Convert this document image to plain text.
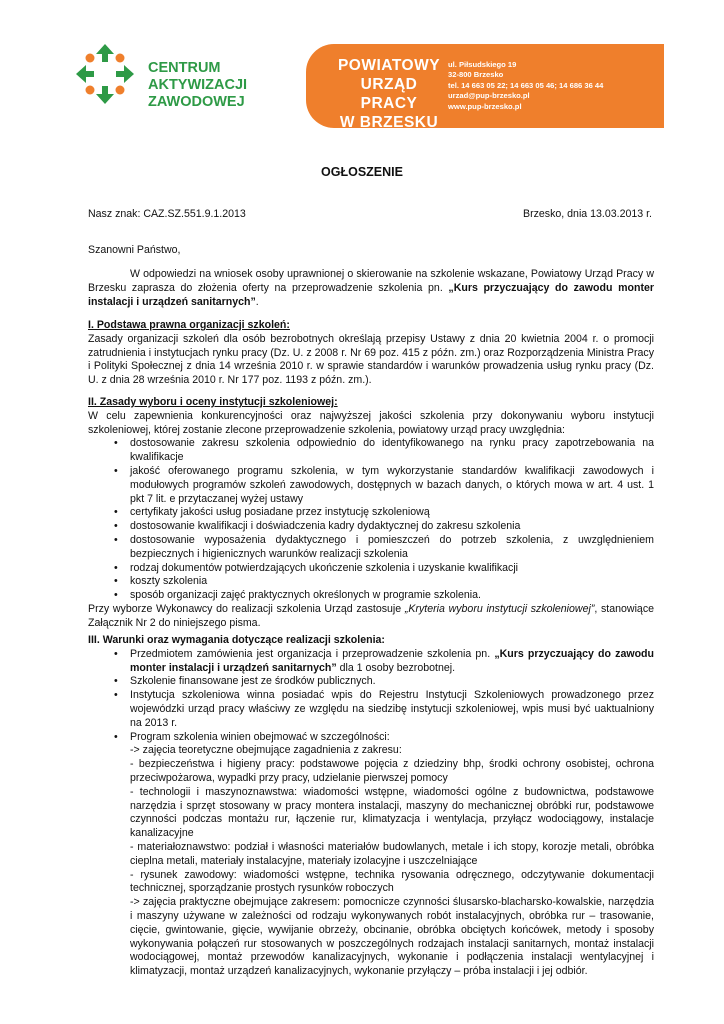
CENTRUM
AKTYWIZACJI
ZAWODOWEJ
POWIATOWY
URZĄD PRACY
W BRZESKU
ul. Piłsudskiego 19
32-800 Brzesko
tel. 14 663 05 22; 14 663 05 46; 14 686 36 44
urzad@pup-brzesko.pl
www.pup-brzesko.pl
OGŁOSZENIE
Nasz znak: CAZ.SZ.551.9.1.2013	Brzesko, dnia 13.03.2013 r.
Szanowni Państwo,

W odpowiedzi na wniosek osoby uprawnionej o skierowanie na szkolenie wskazane, Powiatowy Urząd Pracy w Brzesku zaprasza do złożenia oferty na przeprowadzenie szkolenia pn. „Kurs przyczuający do zawodu monter instalacji i urządzeń sanitarnych”.

I. Podstawa prawna organizacji szkoleń:

Zasady organizacji szkoleń dla osób bezrobotnych określają przepisy Ustawy z dnia 20 kwietnia 2004 r. o promocji zatrudnienia i instytucjach rynku pracy (Dz. U. z 2008 r. Nr 69 poz. 415 z późn. zm.) oraz Rozporządzenia Ministra Pracy i Polityki Społecznej z dnia 14 września 2010 r. w sprawie standardów i warunków prowadzenia usług rynku pracy (Dz. U. z dnia 28 września 2010 r. Nr 177 poz. 1193 z późn. zm.).

II. Zasady wyboru i oceny instytucji szkoleniowej:

W celu zapewnienia konkurencyjności oraz najwyższej jakości szkolenia przy dokonywaniu wyboru instytucji szkoleniowej, której zostanie zlecone przeprowadzenie szkolenia, powiatowy urząd pracy uwzględnia:

• dostosowanie zakresu szkolenia odpowiednio do identyfikowanego na rynku pracy zapotrzebowania na kwalifikacje
• jakość oferowanego programu szkolenia, w tym wykorzystanie standardów kwalifikacji zawodowych i modułowych programów szkoleń zawodowych, dostępnych w bazach danych, o których mowa w art. 4 ust. 1 pkt 7 lit. e przytaczanej wyżej ustawy
• certyfikaty jakości usług posiadane przez instytucję szkoleniową
• dostosowanie kwalifikacji i doświadczenia kadry dydaktycznej do zakresu szkolenia
• dostosowanie wyposażenia dydaktycznego i pomieszczeń do potrzeb szkolenia, z uwzględnieniem bezpiecznych i higienicznych warunków realizacji szkolenia
• rodzaj dokumentów potwierdzających ukończenie szkolenia i uzyskanie kwalifikacji
• koszty szkolenia
• sposób organizacji zajęć praktycznych określonych w programie szkolenia.

Przy wyborze Wykonawcy do realizacji szkolenia Urząd zastosuje „Kryteria wyboru instytucji szkoleniowej”, stanowiące Załącznik Nr 2 do niniejszego pisma.

III. Warunki oraz wymagania dotyczące realizacji szkolenia:
• Przedmiotem zamówienia jest organizacja i przeprowadzenie szkolenia pn. „Kurs przyczuający do zawodu monter instalacji i urządzeń sanitarnych” dla 1 osoby bezrobotnej.
• Szkolenie finansowane jest ze środków publicznych.
• Instytucja szkoleniowa winna posiadać wpis do Rejestru Instytucji Szkoleniowych prowadzonego przez wojewódzki urząd pracy właściwy ze względu na siedzibę instytucji szkoleniowej, wpis musi być uaktualniony na 2013 r.
• Program szkolenia winien obejmować w szczególności:
-> zajęcia teoretyczne obejmujące zagadnienia z zakresu:
- bezpieczeństwa i higieny pracy: podstawowe pojęcia z dziedziny bhp, środki ochrony osobistej, ochrona przeciwpożarowa, wypadki przy pracy, udzielanie pierwszej pomocy
- technologii i maszynoznawstwa: wiadomości wstępne, wiadomości ogólne z budownictwa, podstawowe narzędzia i sprzęt stosowany w pracy montera instalacji, maszyny do mechanicznej obróbki rur, podstawowe czynności podczas montażu rur, łączenie rur, klimatyzacja i wentylacja, przyłącz wodociągowy, instalacje kanalizacyjne
- materiałoznawstwo: podział i własności materiałów budowlanych, metale i ich stopy, korozje metali, obróbka cieplna metali, materiały instalacyjne, materiały izolacyjne i uszczelniające
- rysunek zawodowy: wiadomości wstępne, technika rysowania odręcznego, odczytywanie dokumentacji technicznej, sporządzanie prostych rysunków roboczych
-> zajęcia praktyczne obejmujące zakresem: pomocnicze czynności ślusarsko-blacharsko-kowalskie, narzędzia i maszyny używane w zależności od rodzaju wykonywanych robót instalacyjnych, obróbka rur – trasowanie, cięcie, gwintowanie, gięcie, wywijanie obrzeży, obcinanie, obróbka obciętych końcówek, metody i sposoby wykonywania połączeń rur stosowanych w poszczególnych rodzajach instalacji sanitarnych, montaż instalacji wodociągowej, montaż przewodów kanalizacyjnych, wykonanie i podłączenia instalacji wentylacyjnej i klimatyzacji, montaż urządzeń kanalizacyjnych, wykonanie przyłączy – próba instalacji i jej odbiór.
